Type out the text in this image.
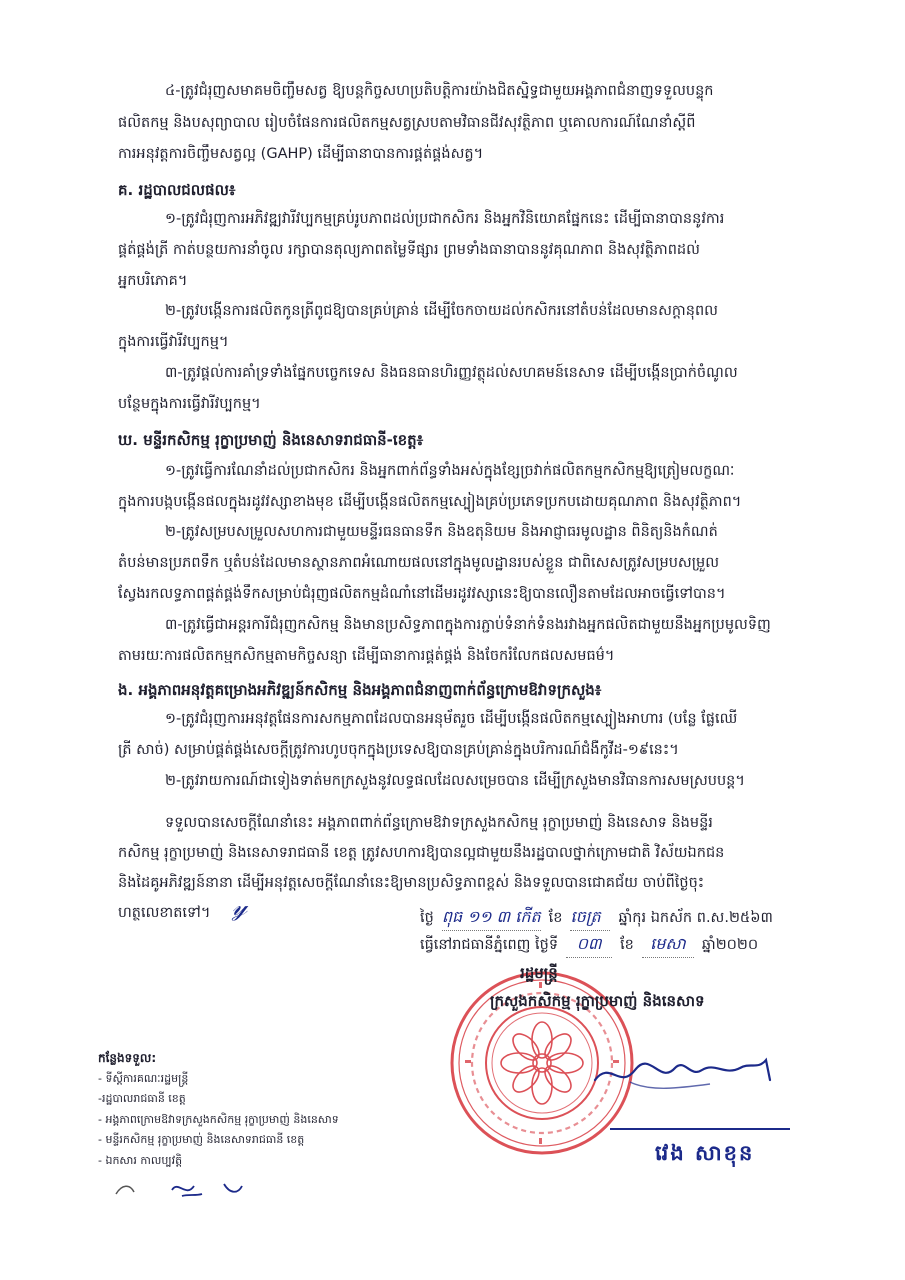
៤-ត្រូវជំរុញសមាគមចិញ្ចឹមសត្វ ឱ្យបន្តកិច្ចសហប្រតិបត្តិការយ៉ាងជិតស្និទ្ធជាមួយអង្គភាពជំនាញទទួលបន្ទុក

ផលិតកម្ម និងបសុព្យាបាល រៀបចំផែនការផលិតកម្មសត្វស្របតាមវិធានជីវសុវត្ថិភាព ឬគោលការណ៍ណែនាំស្តីពី

ការអនុវត្តការចិញ្ចឹមសត្វល្អ (GAHP) ដើម្បីធានាបានការផ្គត់ផ្គង់សត្វ។

គ. រដ្ឋបាលជលផល៖

១-ត្រូវជំរុញការអភិវឌ្ឍវារីវប្បកម្មគ្រប់រូបភាពដល់ប្រជាកសិករ និងអ្នកវិនិយោគផ្នែកនេះ ដើម្បីធានាបាននូវការ

ផ្គត់ផ្គង់ត្រី កាត់បន្ថយការនាំចូល រក្សាបានតុល្យភាពតម្លៃទីផ្សារ ព្រមទាំងធានាបាននូវគុណភាព និងសុវត្ថិភាពដល់

អ្នកបរិភោគ។

២-ត្រូវបង្កើនការផលិតកូនត្រីពូជឱ្យបានគ្រប់គ្រាន់ ដើម្បីចែកចាយដល់កសិករនៅតំបន់ដែលមានសក្តានុពល

ក្នុងការធ្វើវារីវប្បកម្ម។

៣-ត្រូវផ្តល់ការគាំទ្រទាំងផ្នែកបច្ចេកទេស និងធនធានហិរញ្ញវត្ថុដល់សហគមន៍នេសាទ ដើម្បីបង្កើនប្រាក់ចំណូល

បន្ថែមក្នុងការធ្វើវារីវប្បកម្ម។

ឃ. មន្ទីរកសិកម្ម រុក្ខាប្រមាញ់ និងនេសាទរាជធានី-ខេត្ត៖

១-ត្រូវធ្វើការណែនាំដល់ប្រជាកសិករ និងអ្នកពាក់ព័ន្ធទាំងអស់ក្នុងខ្សែច្រវាក់ផលិតកម្មកសិកម្មឱ្យត្រៀមលក្ខណៈ

ក្នុងការបង្កបង្កើនផលក្នុងរដូវវស្សាខាងមុខ ដើម្បីបង្កើនផលិតកម្មស្បៀងគ្រប់ប្រភេទប្រកបដោយគុណភាព និងសុវត្ថិភាព។

២-ត្រូវសម្របសម្រួលសហការជាមួយមន្ទីរធនធានទឹក និងឧតុនិយម និងអាជ្ញាធរមូលដ្ឋាន ពិនិត្យនិងកំណត់

តំបន់មានប្រភពទឹក ឬតំបន់ដែលមានស្ថានភាពអំណោយផលនៅក្នុងមូលដ្ឋានរបស់ខ្លួន ជាពិសេសត្រូវសម្របសម្រួល

ស្វែងរកលទ្ធភាពផ្គត់ផ្គង់ទឹកសម្រាប់ជំរុញផលិតកម្មដំណាំនៅដើមរដូវវស្សានេះឱ្យបានលឿនតាមដែលអាចធ្វើទៅបាន។

៣-ត្រូវធ្វើជាអន្តរការីជំរុញកសិកម្ម និងមានប្រសិទ្ធភាពក្នុងការភ្ជាប់ទំនាក់ទំនងរវាងអ្នកផលិតជាមួយនឹងអ្នកប្រមូលទិញ

តាមរយៈការផលិតកម្មកសិកម្មតាមកិច្ចសន្យា ដើម្បីធានាការផ្គត់ផ្គង់ និងចែករំលែកផលសមធម៌។

ង. អង្គភាពអនុវត្តគម្រោងអភិវឌ្ឍន៍កសិកម្ម និងអង្គភាពជំនាញពាក់ព័ន្ធក្រោមឱវាទក្រសួង៖

១-ត្រូវជំរុញការអនុវត្តផែនការសកម្មភាពដែលបានអនុម័តរួច ដើម្បីបង្កើនផលិតកម្មស្បៀងអាហារ (បន្លែ ផ្លែឈើ

ត្រី សាច់) សម្រាប់ផ្គត់ផ្គង់សេចក្តីត្រូវការហូបចុកក្នុងប្រទេសឱ្យបានគ្រប់គ្រាន់ក្នុងបរិការណ៍ជំងឺកូវីដ-១៩នេះ។

២-ត្រូវរាយការណ៍ជាទៀងទាត់មកក្រសួងនូវលទ្ធផលដែលសម្រេចបាន ដើម្បីក្រសួងមានវិធានការសមស្របបន្ត។

ទទួលបានសេចក្តីណែនាំនេះ អង្គភាពពាក់ព័ន្ធក្រោមឱវាទក្រសួងកសិកម្ម រុក្ខាប្រមាញ់ និងនេសាទ និងមន្ទីរ

កសិកម្ម រុក្ខាប្រមាញ់ និងនេសាទរាជធានី ខេត្ត ត្រូវសហការឱ្យបានល្អជាមួយនឹងរដ្ឋបាលថ្នាក់ក្រោមជាតិ វិស័យឯកជន

និងដៃគូអភិវឌ្ឍន៍នានា ដើម្បីអនុវត្តសេចក្តីណែនាំនេះឱ្យមានប្រសិទ្ធភាពខ្ពស់ និងទទួលបានជោគជ័យ ចាប់ពីថ្ងៃចុះ

ហត្ថលេខាតទៅ។ 𝓎	ថ្ងៃ ពុធ ១១ ៣ កើត ខែ ចេត្រ	ឆ្នាំកុរ ឯកស័ក ព.ស.២៥៦៣
ធ្វើនៅរាជធានីភ្នំពេញ ថ្ងៃទី	០៣	ខែ	មេសា	ឆ្នាំ២០២០
រដ្ឋមន្ត្រី
ក្រសួងកសិកម្ម រុក្ខាប្រមាញ់ និងនេសាទ
វេង សាខុន
កន្លែងទទួល:
- ទីស្តីការគណៈរដ្ឋមន្ត្រី
-រដ្ឋបាលរាជធានី ខេត្ត
- អង្គភាពក្រោមឱវាទក្រសួងកសិកម្ម រុក្ខាប្រមាញ់ និងនេសាទ
- មន្ទីរកសិកម្ម រុក្ខាប្រមាញ់ និងនេសាទរាជធានី ខេត្ត
- ឯកសារ កាលប្បវត្តិ
